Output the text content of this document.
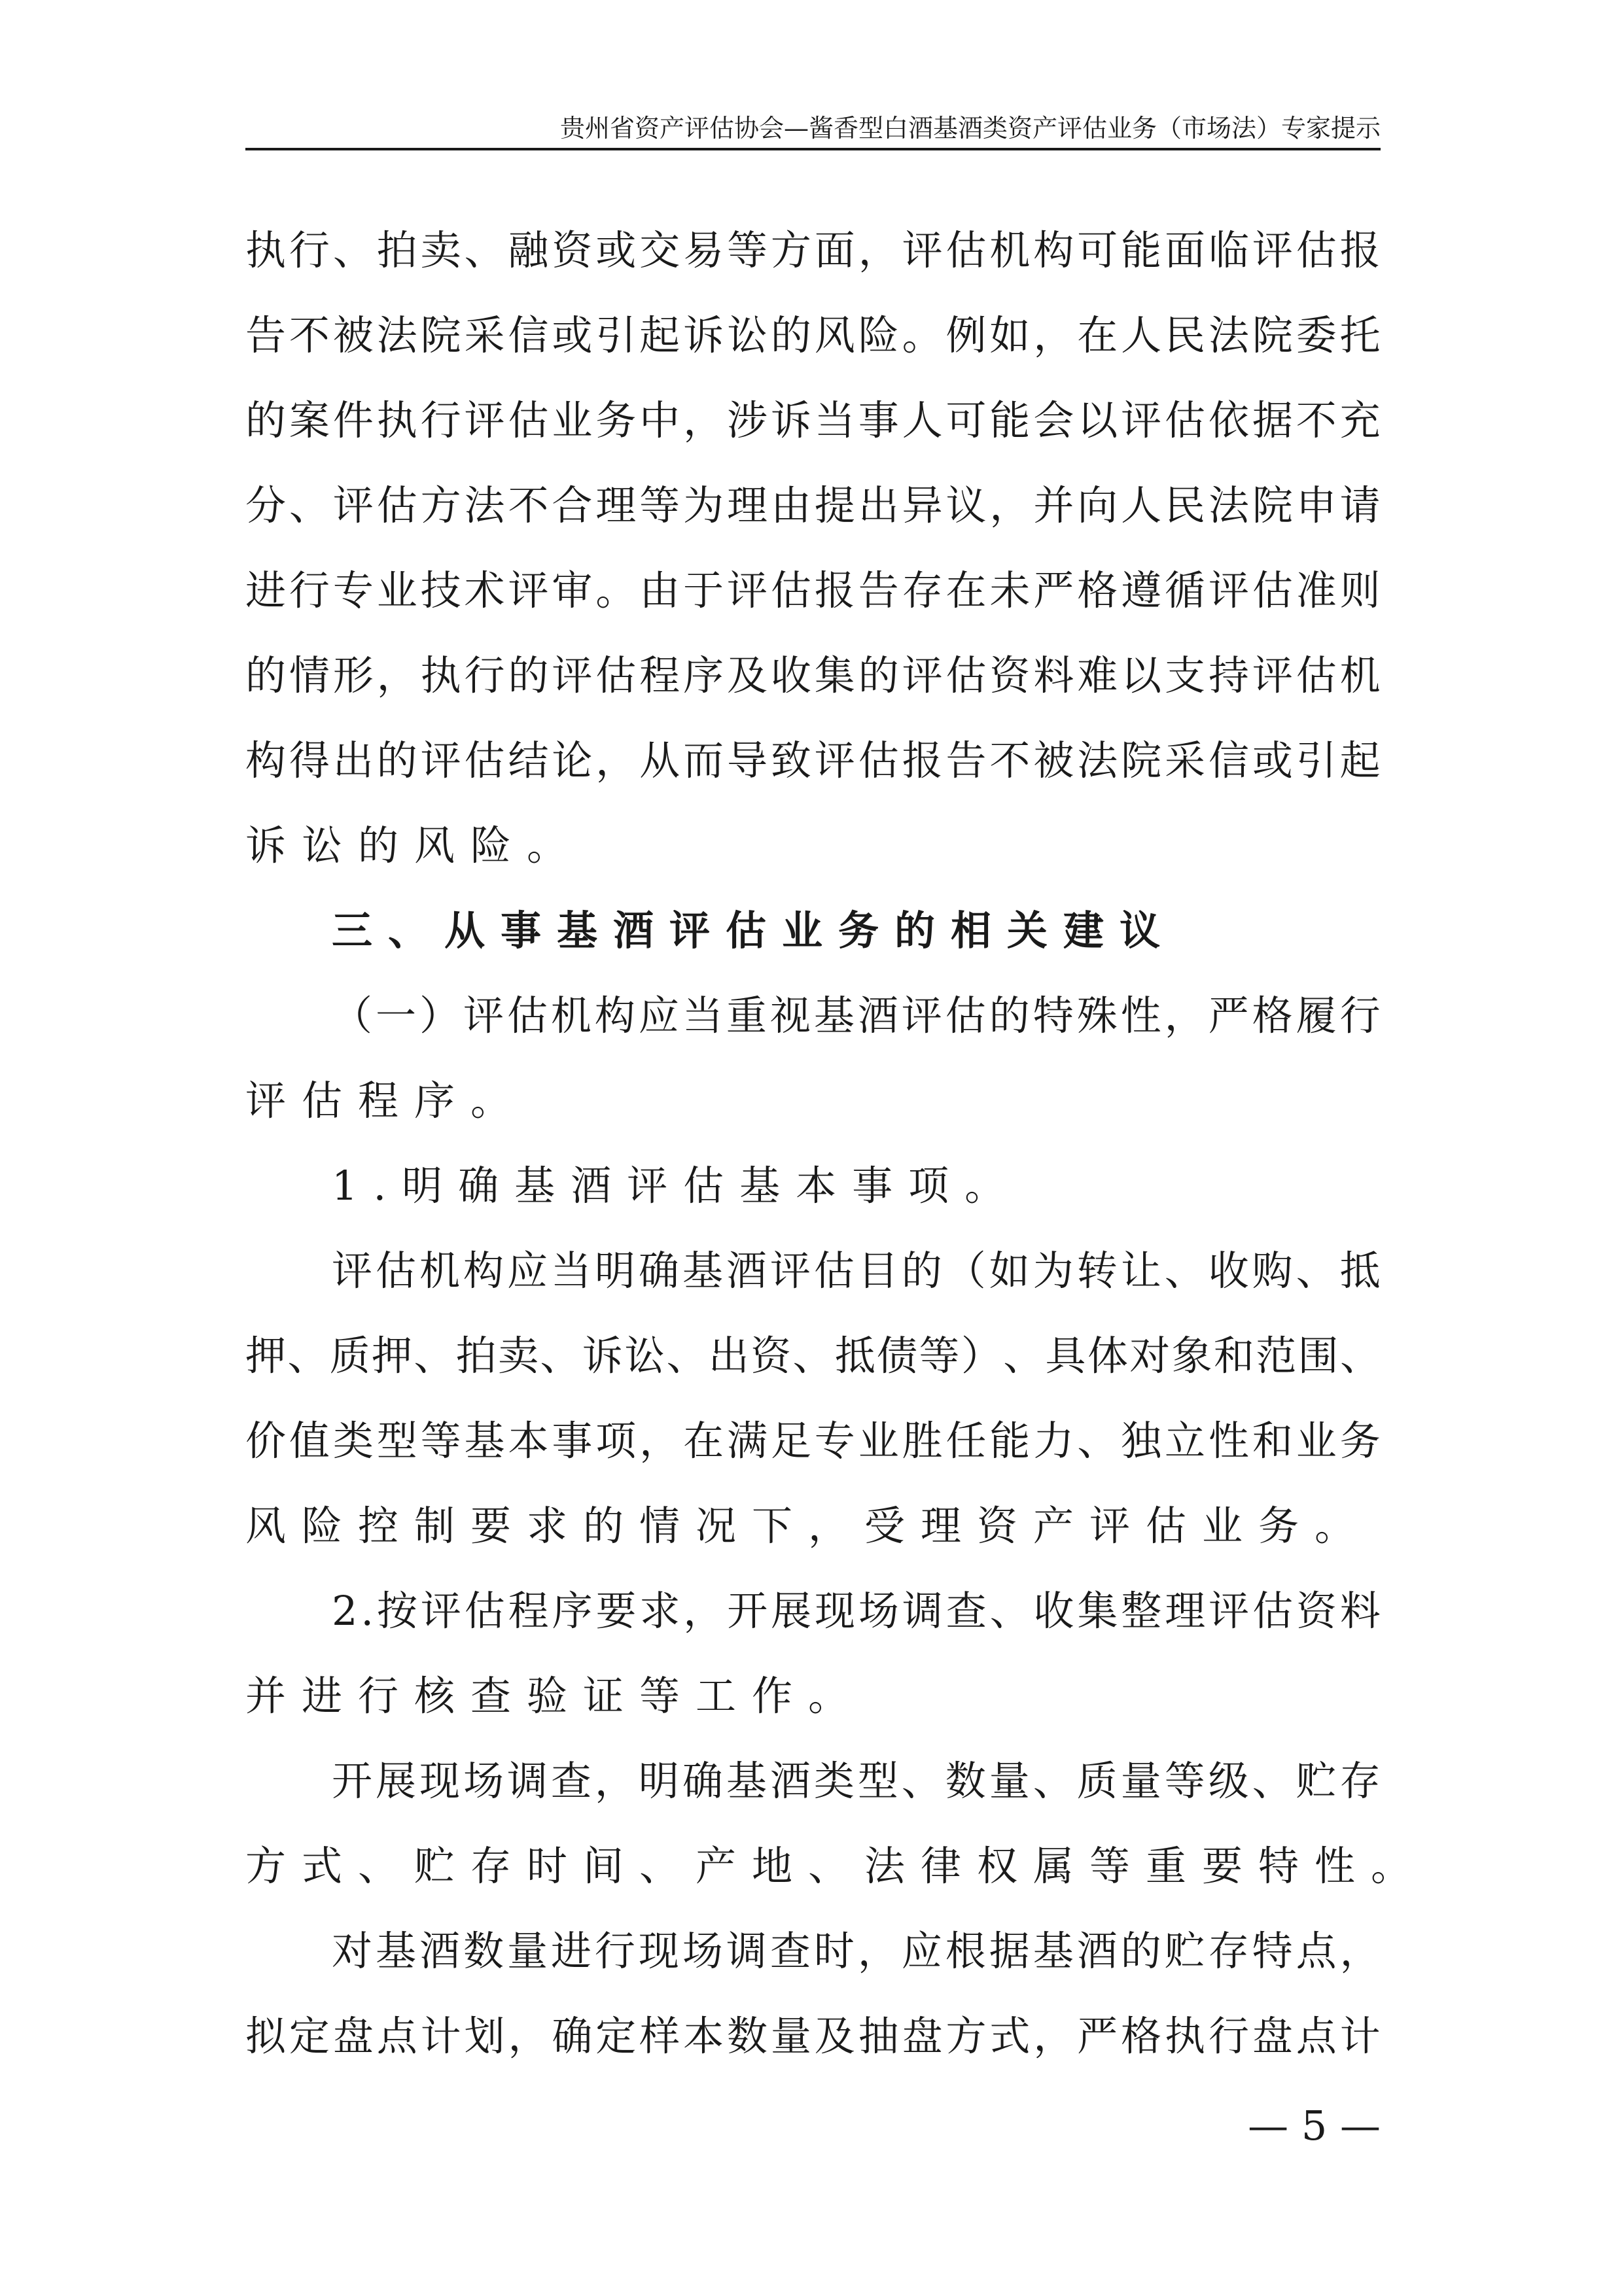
贵州省资产评估协会—酱香型白酒基酒类资产评估业务（市场法）专家提示
执 行 、 拍 卖 、 融 资 或 交 易 等 方 面 ， 评 估 机 构 可 能 面 临 评 估 报
告 不 被 法 院 采 信 或 引 起 诉 讼 的 风 险 。 例 如 ， 在 人 民 法 院 委 托
的 案 件 执 行 评 估 业 务 中 ， 涉 诉 当 事 人 可 能 会 以 评 估 依 据 不 充
分 、 评 估 方 法 不 合 理 等 为 理 由 提 出 异 议 ， 并 向 人 民 法 院 申 请
进 行 专 业 技 术 评 审 。 由 于 评 估 报 告 存 在 未 严 格 遵 循 评 估 准 则
的 情 形 ， 执 行 的 评 估 程 序 及 收 集 的 评 估 资 料 难 以 支 持 评 估 机
构 得 出 的 评 估 结 论 ， 从 而 导 致 评 估 报 告 不 被 法 院 采 信 或 引 起
诉讼的风险。
三、从事基酒评估业务的相关建议
（ 一 ） 评 估 机 构 应 当 重 视 基 酒 评 估 的 特 殊 性 ， 严 格 履 行
评估程序。
1.明确基酒评估基本事项。
评 估 机 构 应 当 明 确 基 酒 评 估 目 的 （ 如 为 转 让 、 收 购 、 抵
押 、 质 押 、 拍 卖 、 诉 讼 、 出 资 、 抵 债 等 ） 、 具 体 对 象 和 范 围 、
价 值 类 型 等 基 本 事 项 ， 在 满 足 专 业 胜 任 能 力 、 独 立 性 和 业 务
风险控制要求的情况下，受理资产评估业务。
2 . 按 评 估 程 序 要 求 ， 开 展 现 场 调 查 、 收 集 整 理 评 估 资 料
并进行核查验证等工作。
开 展 现 场 调 查 ， 明 确 基 酒 类 型 、 数 量 、 质 量 等 级 、 贮 存
方式、贮存时间、产地、法律权属等重要特性。
对 基 酒 数 量 进 行 现 场 调 查 时 ， 应 根 据 基 酒 的 贮 存 特 点 ，
拟 定 盘 点 计 划 ， 确 定 样 本 数 量 及 抽 盘 方 式 ， 严 格 执 行 盘 点 计
— 5 —
